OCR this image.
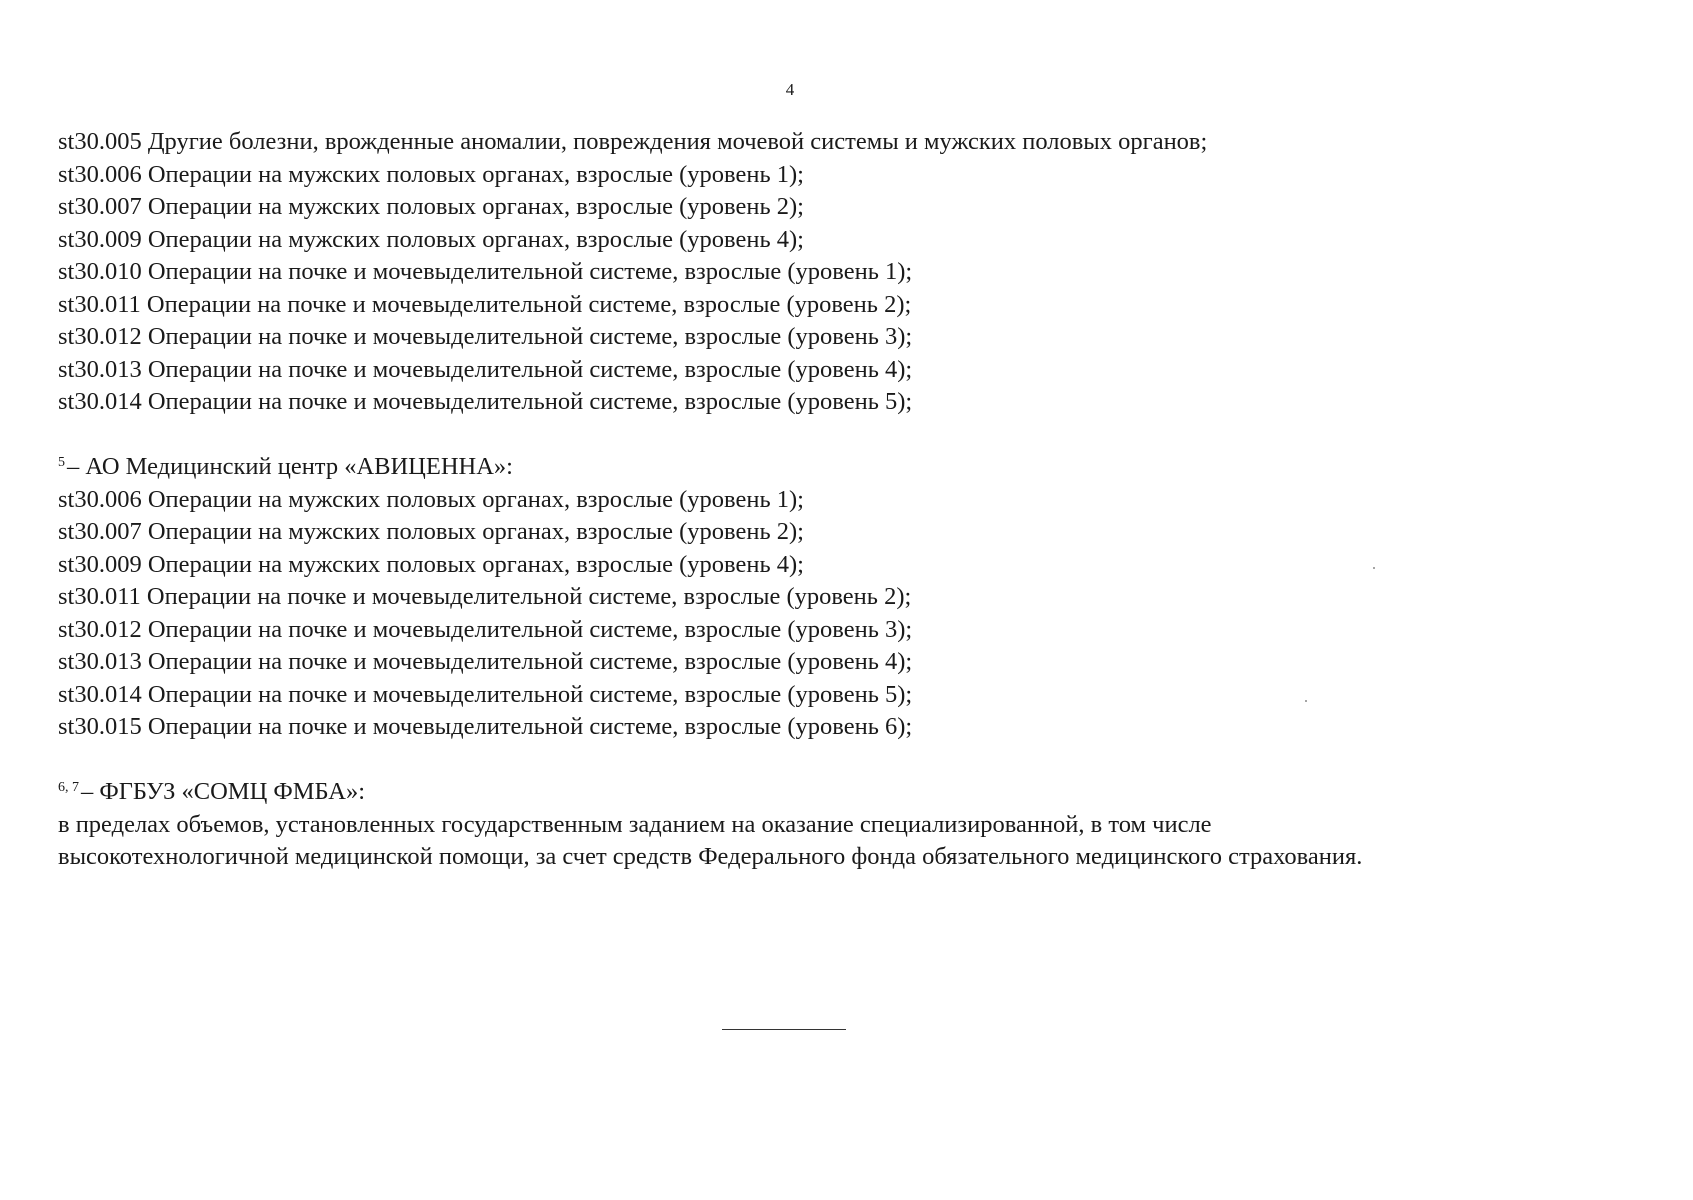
4
st30.005 Другие болезни, врожденные аномалии, повреждения мочевой системы и мужских половых органов;
st30.006 Операции на мужских половых органах, взрослые (уровень 1);
st30.007 Операции на мужских половых органах, взрослые (уровень 2);
st30.009 Операции на мужских половых органах, взрослые (уровень 4);
st30.010 Операции на почке и мочевыделительной системе, взрослые (уровень 1);
st30.011 Операции на почке и мочевыделительной системе, взрослые (уровень 2);
st30.012 Операции на почке и мочевыделительной системе, взрослые (уровень 3);
st30.013 Операции на почке и мочевыделительной системе, взрослые (уровень 4);
st30.014 Операции на почке и мочевыделительной системе, взрослые (уровень 5);
$^5$– АО Медицинский центр «АВИЦЕННА»:
st30.006 Операции на мужских половых органах, взрослые (уровень 1);
st30.007 Операции на мужских половых органах, взрослые (уровень 2);
st30.009 Операции на мужских половых органах, взрослые (уровень 4);
st30.011 Операции на почке и мочевыделительной системе, взрослые (уровень 2);
st30.012 Операции на почке и мочевыделительной системе, взрослые (уровень 3);
st30.013 Операции на почке и мочевыделительной системе, взрослые (уровень 4);
st30.014 Операции на почке и мочевыделительной системе, взрослые (уровень 5);
st30.015 Операции на почке и мочевыделительной системе, взрослые (уровень 6);
$^{6, 7}$– ФГБУЗ «СОМЦ ФМБА»:
в пределах объемов, установленных государственным заданием на оказание специализированной, в том числе высокотехнологичной медицинской помощи, за счет средств Федерального фонда обязательного медицинского страхования.
